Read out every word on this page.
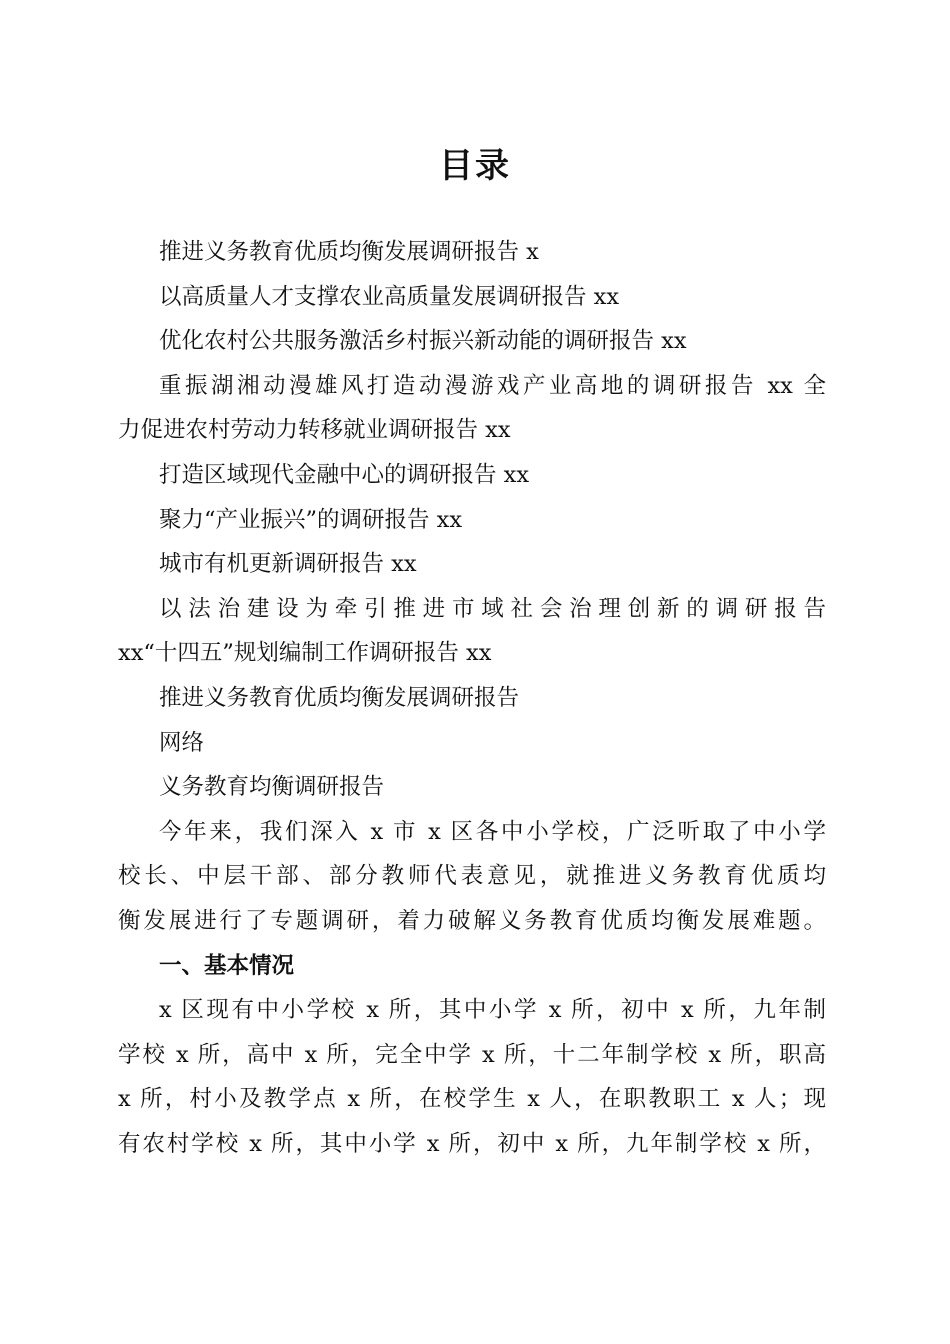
目录
推进义务教育优质均衡发展调研报告 x
以高质量人才支撑农业高质量发展调研报告 xx
优化农村公共服务激活乡村振兴新动能的调研报告 xx
重振湖湘动漫雄风打造动漫游戏产业高地的调研报告 xx 全
力促进农村劳动力转移就业调研报告 xx
打造区域现代金融中心的调研报告 xx
聚力“产业振兴”的调研报告 xx
城市有机更新调研报告 xx
以法治建设为牵引推进市域社会治理创新的调研报告
xx“十四五”规划编制工作调研报告 xx
推进义务教育优质均衡发展调研报告
网络
义务教育均衡调研报告
今年来，我们深入 x 市 x 区各中小学校，广泛听取了中小学
校长、中层干部、部分教师代表意见，就推进义务教育优质均
衡发展进行了专题调研，着力破解义务教育优质均衡发展难题。
一、基本情况
x 区现有中小学校 x 所，其中小学 x 所，初中 x 所，九年制
学校 x 所，高中 x 所，完全中学 x 所，十二年制学校 x 所，职高
x 所，村小及教学点 x 所，在校学生 x 人，在职教职工 x 人；现
有农村学校 x 所，其中小学 x 所，初中 x 所，九年制学校 x 所，
